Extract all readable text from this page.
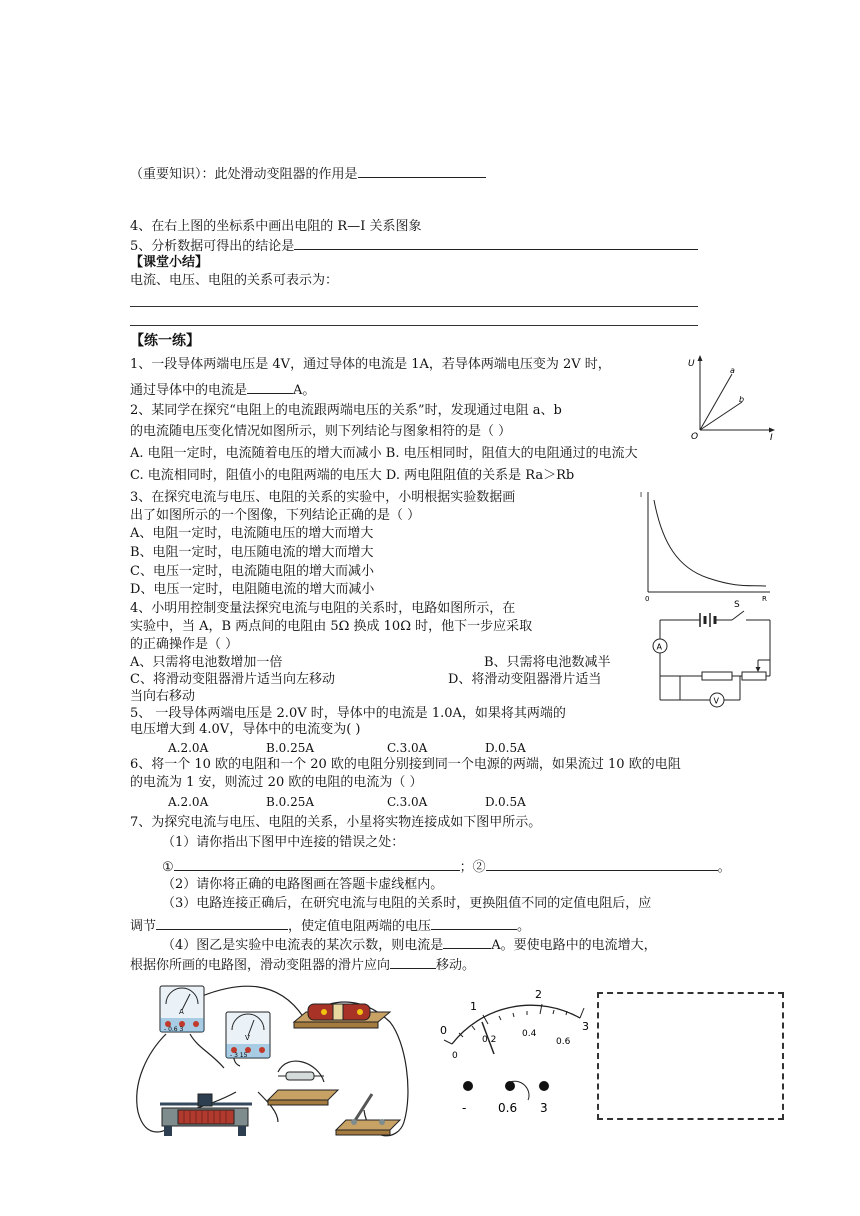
（重要知识）：此处滑动变阻器的作用是
4、在右上图的坐标系中画出电阻的 R—I 关系图象
5、分析数据可得出的结论是
【课堂小结】
电流、电压、电阻的关系可表示为：
【练一练】
1、一段导体两端电压是 4V，通过导体的电流是 1A，若导体两端电压变为 2V 时，
通过导体中的电流是	A。
2、某同学在探究“电阻上的电流跟两端电压的关系”时，发现通过电阻 a、b
的电流随电压变化情况如图所示，则下列结论与图象相符的是（ ）
A. 电阻一定时，电流随着电压的增大而减小 B. 电压相同时，阻值大的电阻通过的电流大
C. 电流相同时，阻值小的电阻两端的电压大 D. 两电阻阻值的关系是 Ra＞Rb
U
I
O
a
b
3、在探究电流与电压、电阻的关系的实验中，小明根据实验数据画
出了如图所示的一个图像，下列结论正确的是（ ）
A、电阻一定时，电流随电压的增大而增大
B、电阻一定时，电压随电流的增大而增大
C、电压一定时，电流随电阻的增大而减小
D、电压一定时，电阻随电流的增大而减小
I
R
0
4、小明用控制变量法探究电流与电阻的关系时，电路如图所示，在
实验中，当 A，B 两点间的电阻由 5Ω 换成 10Ω 时，他下一步应采取
的正确操作是（ ）
A、只需将电池数增加一倍	B、只需将电池数减半
C、将滑动变阻器滑片适当向左移动	D、将滑动变阻器滑片适当
当向右移动
S
A
V
5、 一段导体两端电压是 2.0V 时，导体中的电流是 1.0A，如果将其两端的
电压增大到 4.0V，导体中的电流变为( )
A.2.0A	B.0.25A	C.3.0A	D.0.5A
6、将一个 10 欧的电阻和一个 20 欧的电阻分别接到同一个电源的两端，如果流过 10 欧的电阻
的电流为 1 安，则流过 20 欧的电阻的电流为（ ）
A.2.0A	B.0.25A	C.3.0A	D.0.5A
7、为探究电流与电压、电阻的关系，小星将实物连接成如下图甲所示。
（1）请你指出下图甲中连接的错误之处：
①	；②	。
（2）请你将正确的电路图画在答题卡虚线框内。
（3）电路连接正确后，在研究电流与电阻的关系时，更换阻值不同的定值电阻后，应
调节	，使定值电阻两端的电压	。
（4）图乙是实验中电流表的某次示数，则电流是	A。要使电路中的电流增大，
根据你所画的电路图，滑动变阻器的滑片应向	移动。
A
- 0.6 3
V
- 3 15
0
1
2
3
0
0.2
0.4
0.6
-	0.6 3
